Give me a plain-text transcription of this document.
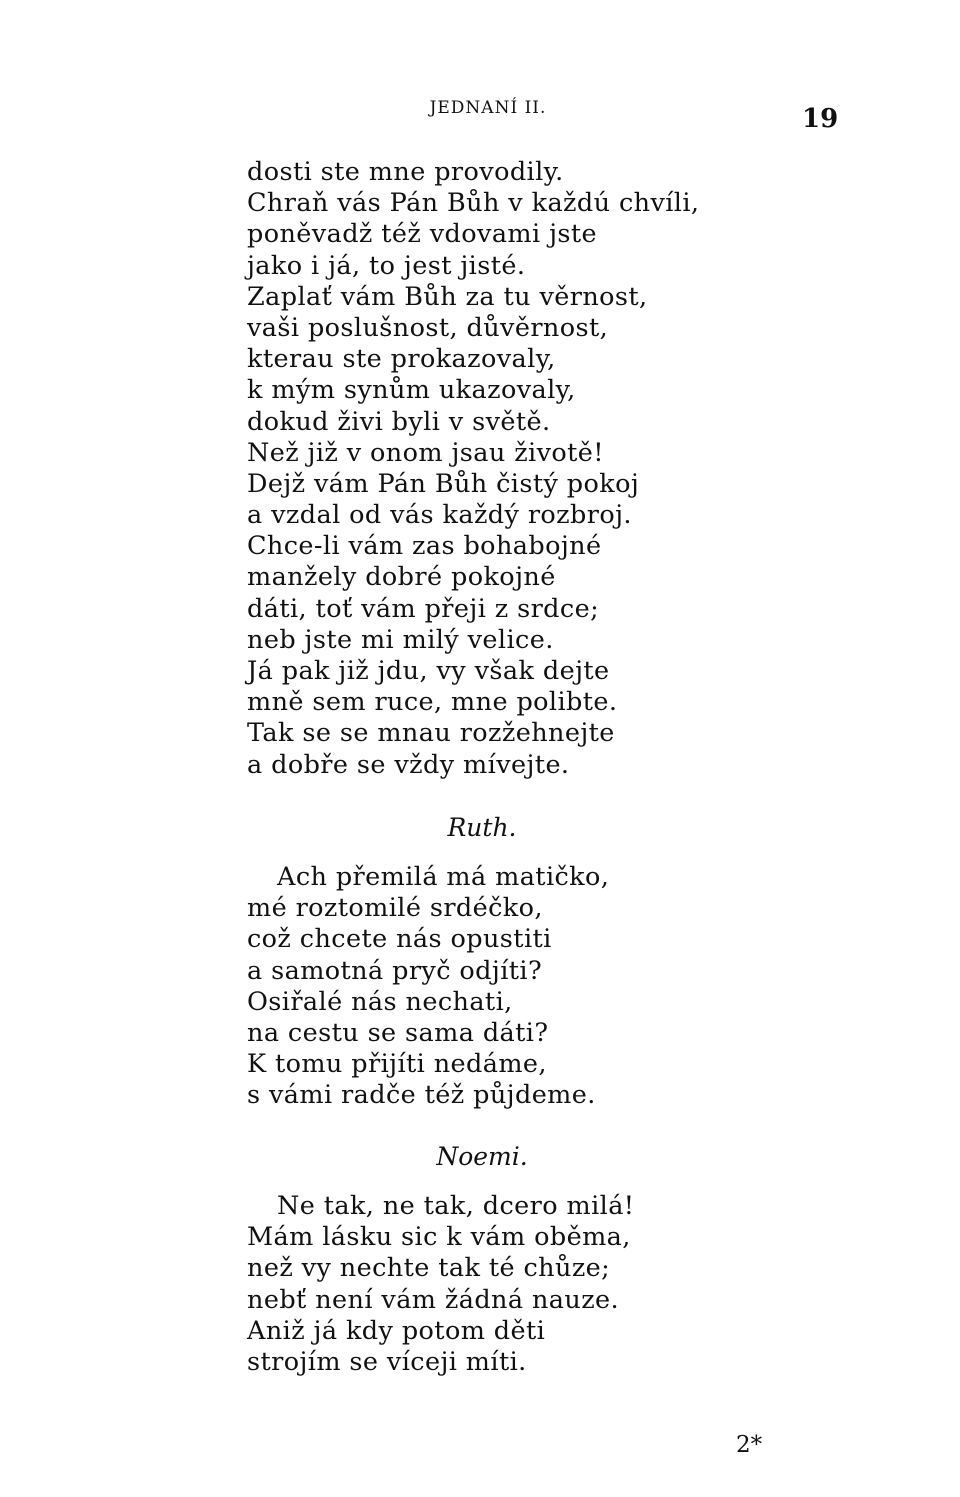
JEDNANÍ II.	19
dosti ste mne provodily.
Chraň vás Pán Bůh v každú chvíli,
poněvadž též vdovami jste
jako i já, to jest jisté.
Zaplať vám Bůh za tu věrnost,
vaši poslušnost, důvěrnost,
kterau ste prokazovaly,
k mým synům ukazovaly,
dokud živi byli v světě.
Než již v onom jsau životě!
Dejž vám Pán Bůh čistý pokoj
a vzdal od vás každý rozbroj.
Chce-li vám zas bohabojné
manžely dobré pokojné
dáti, toť vám přeji z srdce;
neb jste mi milý velice.
Já pak již jdu, vy však dejte
mně sem ruce, mne polibte.
Tak se se mnau rozžehnejte
a dobře se vždy mívejte.
Ruth.
Ach přemilá má matičko,
mé roztomilé srdéčko,
což chcete nás opustiti
a samotná pryč odjíti?
Osiřalé nás nechati,
na cestu se sama dáti?
K tomu přijíti nedáme,
s vámi radče též půjdeme.
Noemi.
Ne tak, ne tak, dcero milá!
Mám lásku sic k vám oběma,
než vy nechte tak té chůze;
nebť není vám žádná nauze.
Aniž já kdy potom děti
strojím se víceji míti.
2*
